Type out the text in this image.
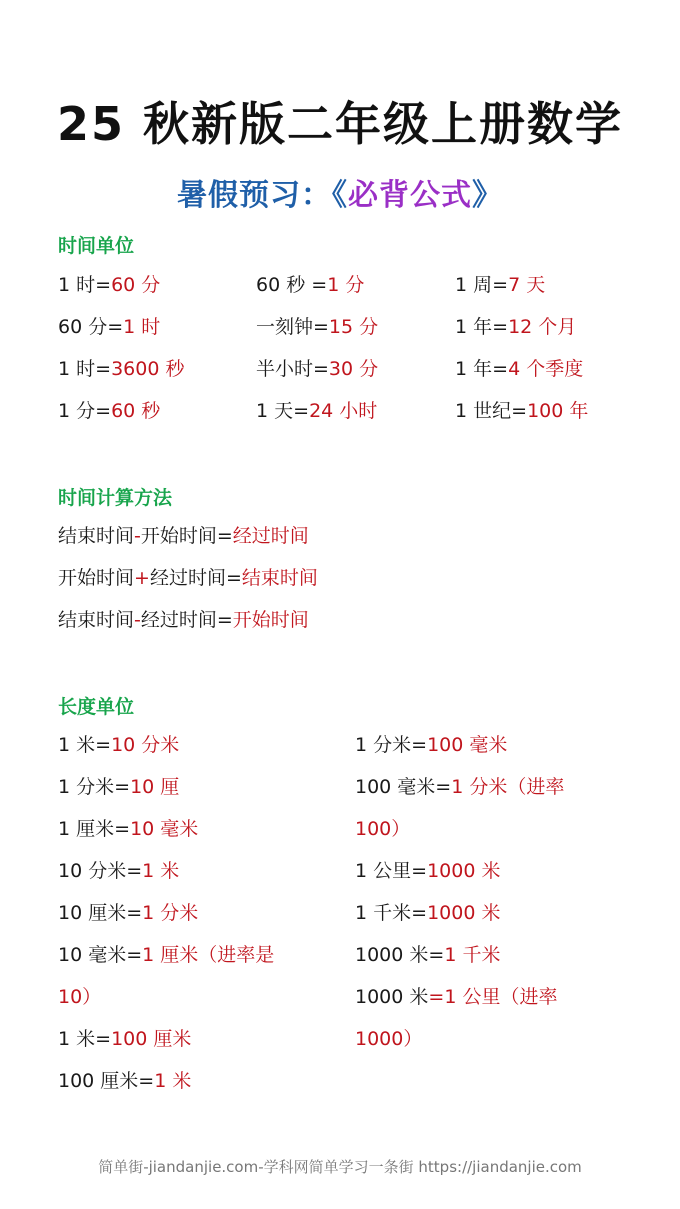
25 秋新版二年级上册数学
暑假预习：《必背公式》
时间单位
1 时=60 分
60 分=1 时
1 时=3600 秒
1 分=60 秒
60 秒 =1 分
一刻钟=15 分
半小时=30 分
1 天=24 小时
1 周=7 天
1 年=12 个月
1 年=4 个季度
1 世纪=100 年
时间计算方法
结束时间-开始时间=经过时间
开始时间+经过时间=结束时间
结束时间-经过时间=开始时间
长度单位
1 米=10 分米
1 分米=10 厘
1 厘米=10 毫米
10 分米=1 米
10 厘米=1 分米
10 毫米=1 厘米（进率是
10）
1 米=100 厘米
100 厘米=1 米
1 分米=100 毫米
100 毫米=1 分米（进率
100）
1 公里=1000 米
1 千米=1000 米
1000 米=1 千米
1000 米=1 公里（进率
1000）
简单街-jiandanjie.com-学科网简单学习一条街 https://jiandanjie.com
